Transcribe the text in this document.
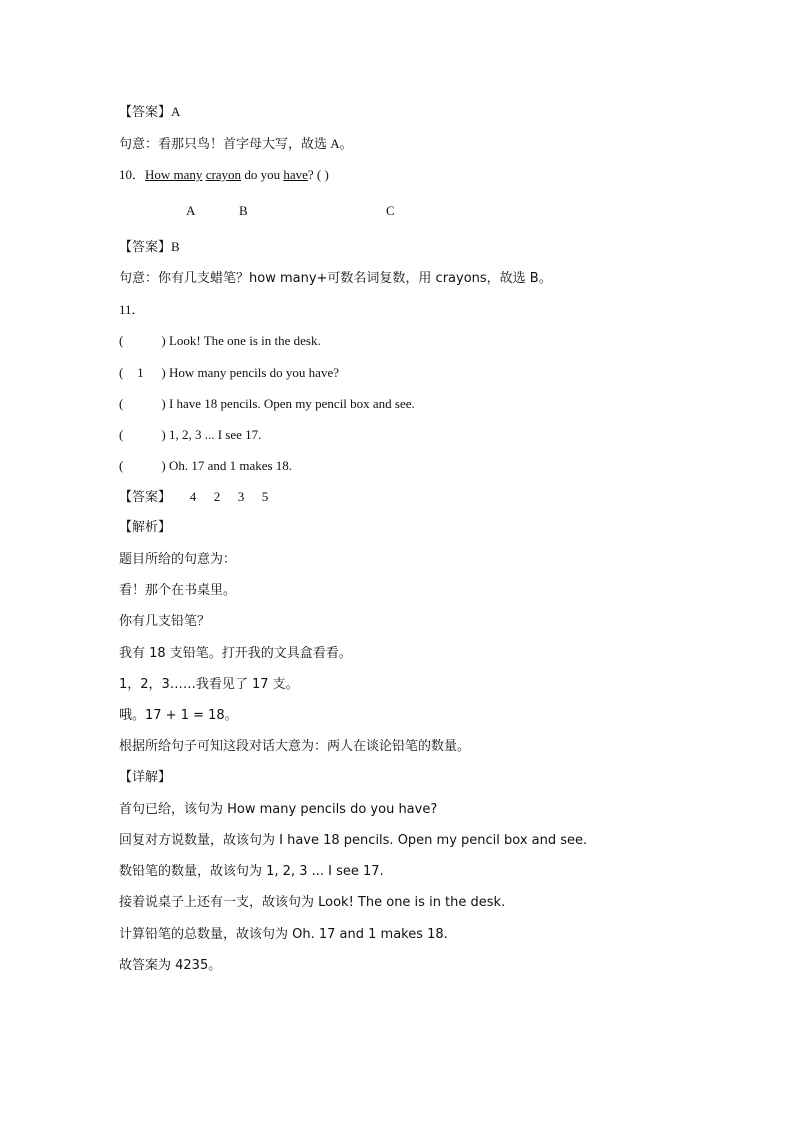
【答案】A
句意：看那只鸟！首字母大写，故选 A。
10．How many crayon do you have? ( )
A	B	C
【答案】B
句意：你有几支蜡笔？how many+可数名词复数，用 crayons，故选 B。
11．
(	) Look! The one is in the desk.
( 1 ) How many pencils do you have?
(	) I have 18 pencils. Open my pencil box and see.
(	) 1, 2, 3 ... I see 17.
(	) Oh. 17 and 1 makes 18.
【答案】 4 2 3 5
【解析】
题目所给的句意为：
看！那个在书桌里。
你有几支铅笔？
我有 18 支铅笔。打开我的文具盒看看。
1，2，3……我看见了 17 支。
哦。17 + 1 = 18。
根据所给句子可知这段对话大意为：两人在谈论铅笔的数量。
【详解】
首句已给，该句为 How many pencils do you have?
回复对方说数量，故该句为 I have 18 pencils. Open my pencil box and see.
数铅笔的数量，故该句为 1, 2, 3 ... I see 17.
接着说桌子上还有一支，故该句为 Look! The one is in the desk.
计算铅笔的总数量，故该句为 Oh. 17 and 1 makes 18.
故答案为 4235。
